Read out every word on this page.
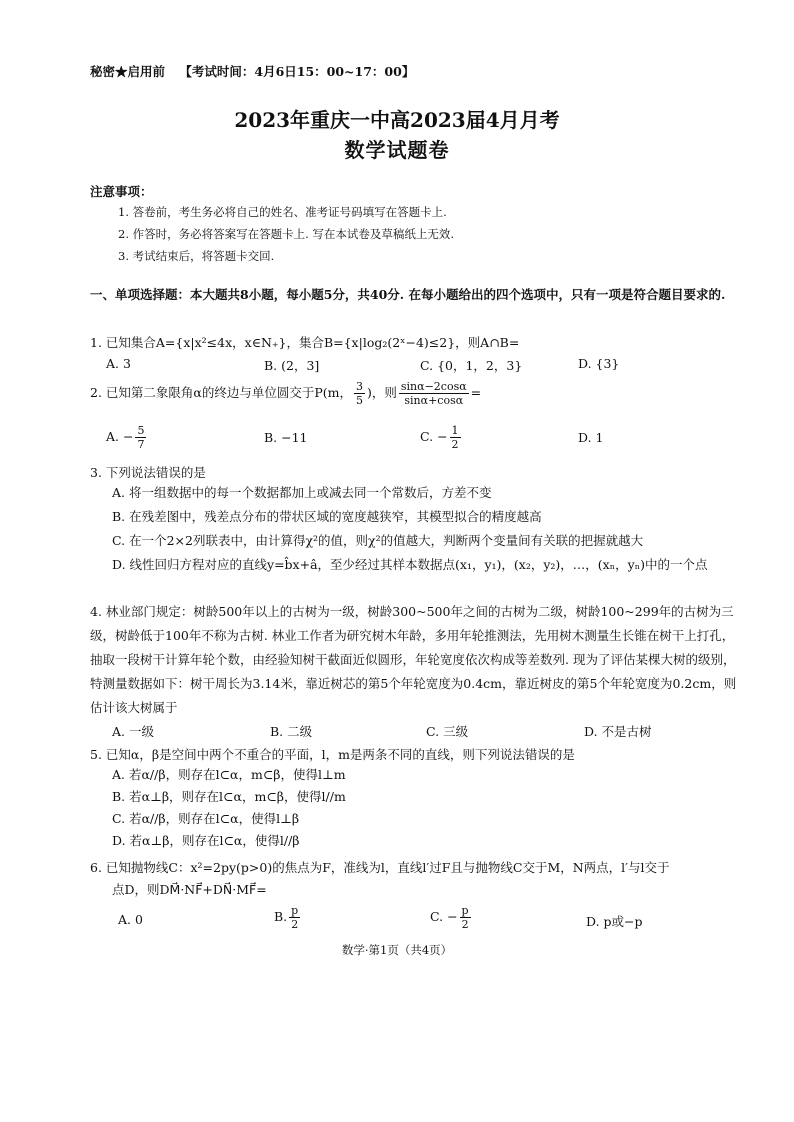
秘密★启用前 【考试时间：4月6日15：00~17：00】
2023年重庆一中高2023届4月月考
数学试题卷
注意事项：
1. 答卷前，考生务必将自己的姓名、准考证号码填写在答题卡上.
2. 作答时，务必将答案写在答题卡上. 写在本试卷及草稿纸上无效.
3. 考试结束后，将答题卡交回.
一、单项选择题：本大题共8小题，每小题5分，共40分. 在每小题给出的四个选项中，只有一项是符合题目要求的.
1. 已知集合A={x|x²≤4x，x∈N₊}，集合B={x|log₂(2ˣ−4)≤2}，则A∩B=
A. 3	B. (2，3]	C. {0，1，2，3}	D. {3}
2. 已知第二象限角α的终边与单位圆交于P(m， $\frac{3}{5}$ )，则 $\frac{\sin\alpha-2\cos\alpha}{\sin\alpha+\cos\alpha}$ =
A. − $\frac{5}{7}$	B. −11	C. − $\frac{1}{2}$	D. 1
3. 下列说法错误的是
A. 将一组数据中的每一个数据都加上或减去同一个常数后，方差不变
B. 在残差图中，残差点分布的带状区域的宽度越狭窄，其模型拟合的精度越高
C. 在一个2×2列联表中，由计算得χ²的值，则χ²的值越大，判断两个变量间有关联的把握就越大
D. 线性回归方程对应的直线y=b̂x+â，至少经过其样本数据点(x₁，y₁)，(x₂，y₂)，…，(xₙ，yₙ)中的一个点
4. 林业部门规定：树龄500年以上的古树为一级，树龄300~500年之间的古树为二级，树龄100~299年的古树为三级，树龄低于100年不称为古树. 林业工作者为研究树木年龄，多用年轮推测法，先用树木测量生长锥在树干上打孔，抽取一段树干计算年轮个数，由经验知树干截面近似圆形，年轮宽度依次构成等差数列. 现为了评估某棵大树的级别，特测量数据如下：树干周长为3.14米，靠近树芯的第5个年轮宽度为0.4cm，靠近树皮的第5个年轮宽度为0.2cm，则估计该大树属于
A. 一级	B. 二级	C. 三级	D. 不是古树
5. 已知α，β是空间中两个不重合的平面，l，m是两条不同的直线，则下列说法错误的是
A. 若α//β，则存在l⊂α，m⊂β，使得l⊥m
B. 若α⊥β，则存在l⊂α，m⊂β，使得l//m
C. 若α//β，则存在l⊂α，使得l⊥β
D. 若α⊥β，则存在l⊂α，使得l//β
6. 已知抛物线C：x²=2py(p>0)的焦点为F，准线为l，直线l′过F且与抛物线C交于M，N两点，l′与l交于
点D，则DM⃗·NF⃗+DN⃗·MF⃗=
A. 0	B. $\frac{p}{2}$	C. − $\frac{p}{2}$	D. p或−p
数学·第1页（共4页）
